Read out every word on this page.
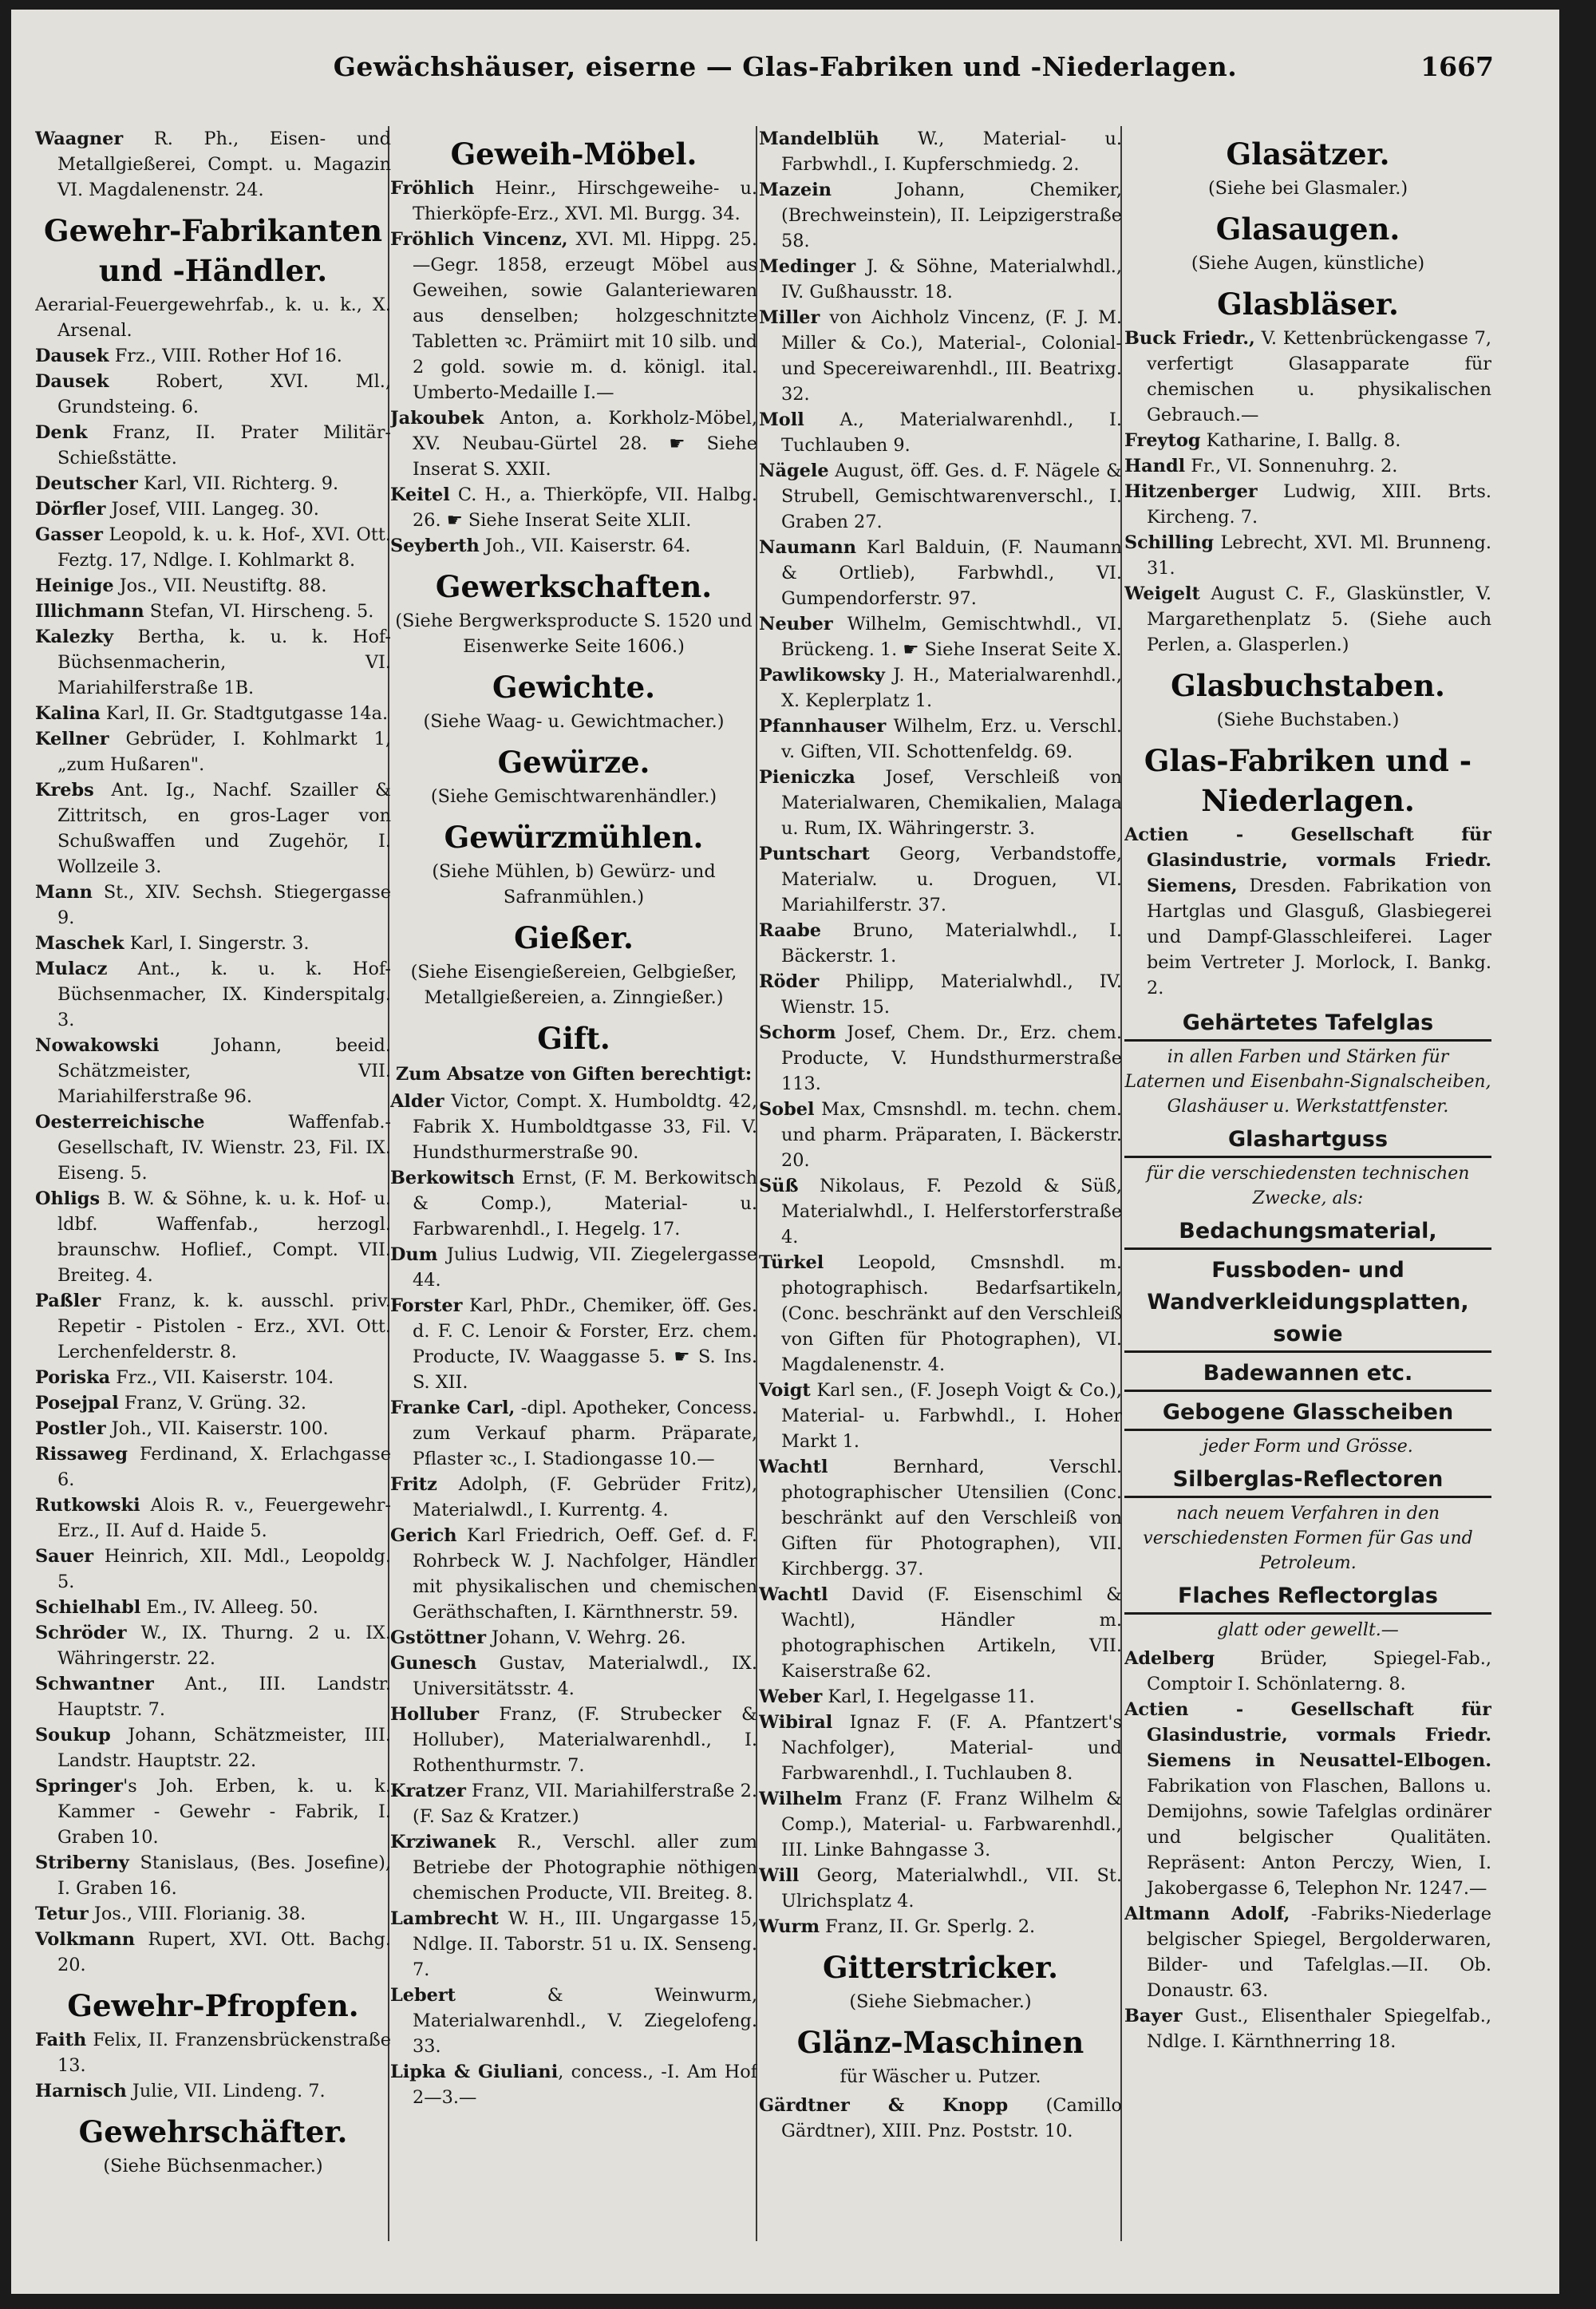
Gewächshäuser, eiserne — Glas-Fabriken und -Niederlagen.	1667

Waagner R. Ph., Eisen- und Metallgießerei, Compt. u. Magazin VI. Magdalenenstr. 24.

Gewehr-Fabrikanten und -Händler.

Aerarial-Feuergewehrfab., k. u. k., X. Arsenal.

Dausek Frz., VIII. Rother Hof 16.

Dausek Robert, XVI. Ml., Grundsteing. 6.

Denk Franz, II. Prater Militär-Schießstätte.

Deutscher Karl, VII. Richterg. 9.

Dörfler Josef, VIII. Langeg. 30.

Gasser Leopold, k. u. k. Hof-, XVI. Ott. Feztg. 17, Ndlge. I. Kohlmarkt 8.

Heinige Jos., VII. Neustiftg. 88.

Illichmann Stefan, VI. Hirscheng. 5.

Kalezky Bertha, k. u. k. Hof-Büchsenmacherin, VI. Mariahilferstraße 1B.

Kalina Karl, II. Gr. Stadtgutgasse 14a.

Kellner Gebrüder, I. Kohlmarkt 1, „zum Hußaren".

Krebs Ant. Ig., Nachf. Szailler & Zittritsch, en gros-Lager von Schußwaffen und Zugehör, I. Wollzeile 3.

Mann St., XIV. Sechsh. Stiegergasse 9.

Maschek Karl, I. Singerstr. 3.

Mulacz Ant., k. u. k. Hof-Büchsenmacher, IX. Kinderspitalg. 3.

Nowakowski Johann, beeid. Schätzmeister, VII. Mariahilferstraße 96.

Oesterreichische Waffenfab.-Gesellschaft, IV. Wienstr. 23, Fil. IX. Eiseng. 5.

Ohligs B. W. & Söhne, k. u. k. Hof- u. ldbf. Waffenfab., herzogl. braunschw. Hoflief., Compt. VII. Breiteg. 4.

Paßler Franz, k. k. ausschl. priv. Repetir - Pistolen - Erz., XVI. Ott. Lerchenfelderstr. 8.

Poriska Frz., VII. Kaiserstr. 104.

Posejpal Franz, V. Grüng. 32.

Postler Joh., VII. Kaiserstr. 100.

Rissaweg Ferdinand, X. Erlachgasse 6.

Rutkowski Alois R. v., Feuergewehr-Erz., II. Auf d. Haide 5.

Sauer Heinrich, XII. Mdl., Leopoldg. 5.

Schielhabl Em., IV. Alleeg. 50.

Schröder W., IX. Thurng. 2 u. IX. Währingerstr. 22.

Schwantner Ant., III. Landstr. Hauptstr. 7.

Soukup Johann, Schätzmeister, III. Landstr. Hauptstr. 22.

Springer's Joh. Erben, k. u. k. Kammer - Gewehr - Fabrik, I. Graben 10.

Striberny Stanislaus, (Bes. Josefine), I. Graben 16.

Tetur Jos., VIII. Florianig. 38.

Volkmann Rupert, XVI. Ott. Bachg. 20.

Gewehr-Pfropfen.

Faith Felix, II. Franzensbrückenstraße 13.

Harnisch Julie, VII. Lindeng. 7.

Gewehrschäfter.
(Siehe Büchsenmacher.)
Geweih-Möbel.

Fröhlich Heinr., Hirschgeweihe- u. Thierköpfe-Erz., XVI. Ml. Burgg. 34.

Fröhlich Vincenz, XVI. Ml. Hippg. 25. —Gegr. 1858, erzeugt Möbel aus Geweihen, sowie Galanteriewaren aus denselben; holzgeschnitzte Tabletten ꝛc. Prämiirt mit 10 silb. und 2 gold. sowie m. d. königl. ital. Umberto-Medaille I.—

Jakoubek Anton, a. Korkholz-Möbel, XV. Neubau-Gürtel 28. ☛ Siehe Inserat S. XXII.

Keitel C. H., a. Thierköpfe, VII. Halbg. 26. ☛ Siehe Inserat Seite XLII.

Seyberth Joh., VII. Kaiserstr. 64.

Gewerkschaften.
(Siehe Bergwerksproducte S. 1520 und Eisenwerke Seite 1606.)
Gewichte.
(Siehe Waag- u. Gewichtmacher.)
Gewürze.
(Siehe Gemischtwarenhändler.)
Gewürzmühlen.
(Siehe Mühlen, b) Gewürz- und Safranmühlen.)
Gießer.
(Siehe Eisengießereien, Gelbgießer, Metallgießereien, a. Zinngießer.)
Gift.
Zum Absatze von Giften berechtigt:

Alder Victor, Compt. X. Humboldtg. 42, Fabrik X. Humboldtgasse 33, Fil. V. Hundsthurmerstraße 90.

Berkowitsch Ernst, (F. M. Berkowitsch & Comp.), Material- u. Farbwarenhdl., I. Hegelg. 17.

Dum Julius Ludwig, VII. Ziegelergasse 44.

Forster Karl, PhDr., Chemiker, öff. Ges. d. F. C. Lenoir & Forster, Erz. chem. Producte, IV. Waaggasse 5. ☛ S. Ins. S. XII.

Franke Carl, -dipl. Apotheker, Concess. zum Verkauf pharm. Präparate, Pflaster ꝛc., I. Stadiongasse 10.—

Fritz Adolph, (F. Gebrüder Fritz), Materialwdl., I. Kurrentg. 4.

Gerich Karl Friedrich, Oeff. Gef. d. F. Rohrbeck W. J. Nachfolger, Händler mit physikalischen und chemischen Geräthschaften, I. Kärnthnerstr. 59.

Gstöttner Johann, V. Wehrg. 26.

Gunesch Gustav, Materialwdl., IX. Universitätsstr. 4.

Holluber Franz, (F. Strubecker & Holluber), Materialwarenhdl., I. Rothenthurmstr. 7.

Kratzer Franz, VII. Mariahilferstraße 2. (F. Saz & Kratzer.)

Krziwanek R., Verschl. aller zum Betriebe der Photographie nöthigen chemischen Producte, VII. Breiteg. 8.

Lambrecht W. H., III. Ungargasse 15, Ndlge. II. Taborstr. 51 u. IX. Senseng. 7.

Lebert & Weinwurm, Materialwarenhdl., V. Ziegelofeng. 33.

Lipka & Giuliani, concess., -I. Am Hof 2—3.—

Mandelblüh W., Material- u. Farbwhdl., I. Kupferschmiedg. 2.

Mazein Johann, Chemiker, (Brechweinstein), II. Leipzigerstraße 58.

Medinger J. & Söhne, Materialwhdl., IV. Gußhausstr. 18.

Miller von Aichholz Vincenz, (F. J. M. Miller & Co.), Material-, Colonial- und Specereiwarenhdl., III. Beatrixg. 32.

Moll A., Materialwarenhdl., I. Tuchlauben 9.

Nägele August, öff. Ges. d. F. Nägele & Strubell, Gemischtwarenverschl., I. Graben 27.

Naumann Karl Balduin, (F. Naumann & Ortlieb), Farbwhdl., VI. Gumpendorferstr. 97.

Neuber Wilhelm, Gemischtwhdl., VI. Brückeng. 1. ☛ Siehe Inserat Seite X.

Pawlikowsky J. H., Materialwarenhdl., X. Keplerplatz 1.

Pfannhauser Wilhelm, Erz. u. Verschl. v. Giften, VII. Schottenfeldg. 69.

Pieniczka Josef, Verschleiß von Materialwaren, Chemikalien, Malaga u. Rum, IX. Währingerstr. 3.

Puntschart Georg, Verbandstoffe, Materialw. u. Droguen, VI. Mariahilferstr. 37.

Raabe Bruno, Materialwhdl., I. Bäckerstr. 1.

Röder Philipp, Materialwhdl., IV. Wienstr. 15.

Schorm Josef, Chem. Dr., Erz. chem. Producte, V. Hundsthurmerstraße 113.

Sobel Max, Cmsnshdl. m. techn. chem. und pharm. Präparaten, I. Bäckerstr. 20.

Süß Nikolaus, F. Pezold & Süß, Materialwhdl., I. Helferstorferstraße 4.

Türkel Leopold, Cmsnshdl. m. photographisch. Bedarfsartikeln, (Conc. beschränkt auf den Verschleiß von Giften für Photographen), VI. Magdalenenstr. 4.

Voigt Karl sen., (F. Joseph Voigt & Co.), Material- u. Farbwhdl., I. Hoher Markt 1.

Wachtl Bernhard, Verschl. photographischer Utensilien (Conc. beschränkt auf den Verschleiß von Giften für Photographen), VII. Kirchbergg. 37.

Wachtl David (F. Eisenschiml & Wachtl), Händler m. photographischen Artikeln, VII. Kaiserstraße 62.

Weber Karl, I. Hegelgasse 11.

Wibiral Ignaz F. (F. A. Pfantzert's Nachfolger), Material- und Farbwarenhdl., I. Tuchlauben 8.

Wilhelm Franz (F. Franz Wilhelm & Comp.), Material- u. Farbwarenhdl., III. Linke Bahngasse 3.

Will Georg, Materialwhdl., VII. St. Ulrichsplatz 4.

Wurm Franz, II. Gr. Sperlg. 2.

Gitterstricker.
(Siehe Siebmacher.)
Glänz-Maschinen
für Wäscher u. Putzer.

Gärdtner & Knopp (Camillo Gärdtner), XIII. Pnz. Poststr. 10.

Glasätzer.
(Siehe bei Glasmaler.)
Glasaugen.
(Siehe Augen, künstliche)
Glasbläser.

Buck Friedr., V. Kettenbrückengasse 7, verfertigt Glasapparate für chemischen u. physikalischen Gebrauch.—

Freytog Katharine, I. Ballg. 8.

Handl Fr., VI. Sonnenuhrg. 2.

Hitzenberger Ludwig, XIII. Brts. Kircheng. 7.

Schilling Lebrecht, XVI. Ml. Brunneng. 31.

Weigelt August C. F., Glaskünstler, V. Margarethenplatz 5. (Siehe auch Perlen, a. Glasperlen.)

Glasbuchstaben.
(Siehe Buchstaben.)
Glas-Fabriken und -Niederlagen.

Actien - Gesellschaft für Glasindustrie, vormals Friedr. Siemens, Dresden. Fabrikation von Hartglas und Glasguß, Glasbiegerei und Dampf-Glasschleiferei. Lager beim Vertreter J. Morlock, I. Bankg. 2.

Gehärtetes Tafelglas
in allen Farben und Stärken für Laternen und Eisenbahn-Signalscheiben, Glashäuser u. Werkstattfenster.
Glashartguss
für die verschiedensten technischen Zwecke, als:
Bedachungsmaterial,
Fussboden- und Wandverkleidungsplatten, sowie
Badewannen etc.
Gebogene Glasscheiben
jeder Form und Grösse.
Silberglas-Reflectoren
nach neuem Verfahren in den verschiedensten Formen für Gas und Petroleum.
Flaches Reflectorglas
glatt oder gewellt.—

Adelberg Brüder, Spiegel-Fab., Comptoir I. Schönlaterng. 8.

Actien - Gesellschaft für Glasindustrie, vormals Friedr. Siemens in Neusattel-Elbogen. Fabrikation von Flaschen, Ballons u. Demijohns, sowie Tafelglas ordinärer und belgischer Qualitäten. Repräsent: Anton Perczy, Wien, I. Jakobergasse 6, Telephon Nr. 1247.—

Altmann Adolf, -Fabriks-Niederlage belgischer Spiegel, Bergolderwaren, Bilder- und Tafelglas.—II. Ob. Donaustr. 63.

Bayer Gust., Elisenthaler Spiegelfab., Ndlge. I. Kärnthnerring 18.
